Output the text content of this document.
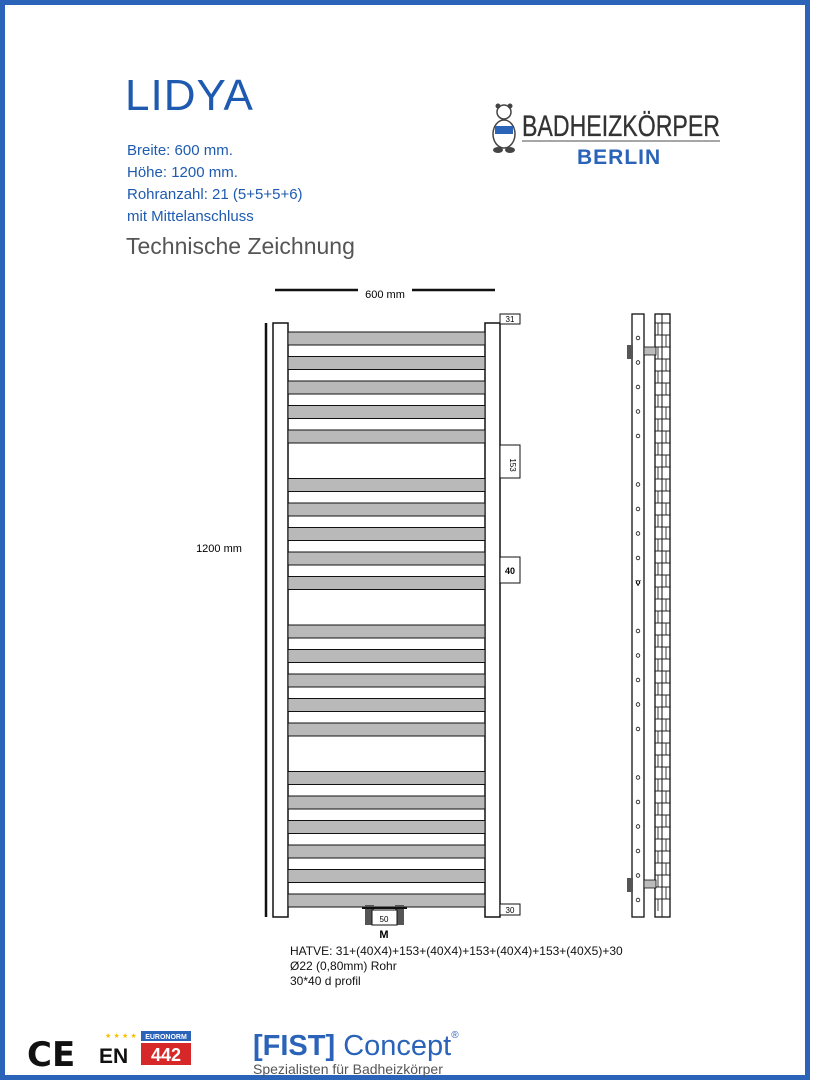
LIDYA
Breite: 600 mm.
Höhe: 1200 mm.
Rohranzahl: 21 (5+5+5+6)
mit Mittelanschluss
Technische Zeichnung
BADHEIZKÖRPER
BERLIN
600 mm
1200 mm
31
153
40
30
50
M
V
HATVE: 31+(40X4)+153+(40X4)+153+(40X4)+153+(40X5)+30
Ø22 (0,80mm) Rohr
30*40 d profil
CE	★ ★ ★ ★ EURONORM
EN 442 [FIST] Concept®
Spezialisten für Badheizkörper
